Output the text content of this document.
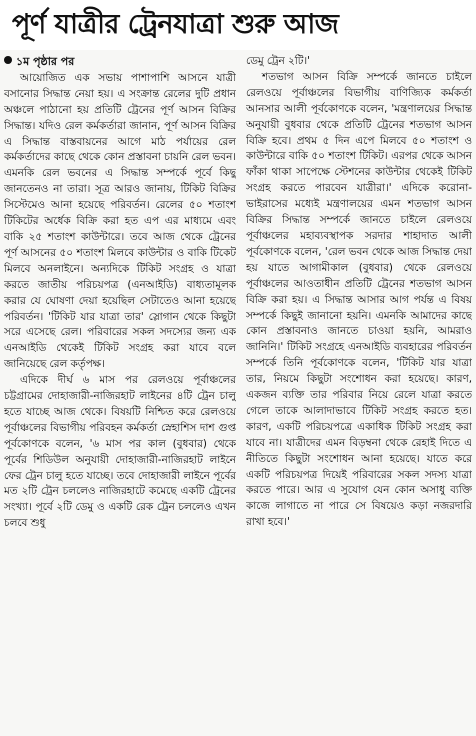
পূর্ণ যাত্রীর ট্রেনযাত্রা শুরু আজ
১ম পৃষ্ঠার পর

আয়োজিত এক সভায় পাশাপাশি আসনে যাত্রী বসানোর সিদ্ধান্ত নেয়া হয়। এ সংক্রান্ত রেলের দুটি প্রধান অঞ্চলে পাঠানো হয় প্রতিটি ট্রেনের পূর্ণ আসন বিক্রির সিদ্ধান্ত। যদিও রেল কর্মকর্তারা জানান, পূর্ণ আসন বিক্রির এ সিদ্ধান্ত বাস্তবায়নের আগে মাঠ পর্যায়ের রেল কর্মকর্তাদের কাছে থেকে কোন প্রস্তাবনা চায়নি রেল ভবন। এমনকি রেল ভবনের এ সিদ্ধান্ত সম্পর্কে পূর্বে কিছু জানতেনও না তারা। সূত্র আরও জানায়, টিকিট বিক্রির সিস্টেমেও আনা হয়েছে পরিবর্তন। রেলের ৫০ শতাংশ টিকিটের অর্ধেক বিক্রি করা হত এপ এর মাধ্যমে এবং বাকি ২৫ শতাংশ কাউন্টারে। তবে আজ থেকে ট্রেনের পূর্ণ আসনের ৫০ শতাংশ মিলবে কাউন্টার ও বাকি টিকেট মিলবে অনলাইনে। অন্যদিকে টিকিট সংগ্রহ ও যাত্রা করতে জাতীয় পরিচয়পত্র (এনআইডি) বাধ্যতামূলক করার যে ঘোষণা দেয়া হয়েছিল সেটাতেও আনা হয়েছে পরিবর্তন। 'টিকিট যার যাত্রা তার' স্লোগান থেকে কিছুটা সরে এসেছে রেল। পরিবারের সকল সদস্যের জন্য এক এনআইডি থেকেই টিকিট সংগ্রহ করা যাবে বলে জানিয়েছে রেল কর্তৃপক্ষ।

এদিকে দীর্ঘ ৬ মাস পর রেলওয়ে পূর্বাঞ্চলের চট্টগ্রামের দোহাজারী-নাজিরহাট লাইনের ৪টি ট্রেন চালু হতে যাচ্ছে আজ থেকে। বিষয়টি নিশ্চিত করে রেলওয়ে পূর্বাঞ্চলের বিভাগীয় পরিবহন কর্মকর্তা স্নেহাশিস দাশ গুপ্ত পূর্বকোণকে বলেন, '৬ মাস পর কাল (বুধবার) থেকে পূর্বের শিডিউল অনুযায়ী দোহাজারী-নাজিরহাট লাইনে ফের ট্রেন চালু হতে যাচ্ছে। তবে দোহাজারী লাইনে পূর্বের মত ২টি ট্রেন চললেও নাজিরহাটে কমেছে একটি ট্রেনের সংখ্যা। পূর্বে ২টি ডেমু ও একটি রেক ট্রেন চললেও এখন চলবে শুধু

ডেমু ট্রেন ২টি।'

শতভাগ আসন বিক্রি সম্পর্কে জানতে চাইলে রেলওয়ে পূর্বাঞ্চলের বিভাগীয় বাণিজ্যিক কর্মকর্তা আনসার আলী পূর্বকোণকে বলেন, 'মন্ত্রণালয়ের সিদ্ধান্ত অনুযায়ী বুধবার থেকে প্রতিটি ট্রেনের শতভাগ আসন বিক্রি হবে। প্রথম ৫ দিন এপে মিলবে ৫০ শতাংশ ও কাউন্টারে বাকি ৫০ শতাংশ টিকিট। এরপর থেকে আসন ফাঁকা থাকা সাপেক্ষে স্টেশনের কাউন্টার থেকেই টিকিট সংগ্রহ করতে পারবেন যাত্রীরা।' এদিকে করোনা-ভাইরাসের মধ্যেই মন্ত্রণালয়ের এমন শতভাগ আসন বিক্রির সিদ্ধান্ত সম্পর্কে জানতে চাইলে রেলওয়ে পূর্বাঞ্চলের মহাব্যবস্থাপক সরদার শাহাদাত আলী পূর্বকোণকে বলেন, 'রেল ভবন থেকে আজ সিদ্ধান্ত দেয়া হয় যাতে আগামীকাল (বুধবার) থেকে রেলওয়ে পূর্বাঞ্চলের আওতাধীন প্রতিটি ট্রেনের শতভাগ আসন বিক্রি করা হয়। এ সিদ্ধান্ত আসার আগ পর্যন্ত এ বিষয় সম্পর্কে কিছুই জানানো হয়নি। এমনকি আমাদের কাছে কোন প্রস্তাবনাও জানতে চাওয়া হয়নি, আমরাও জানিনি।' টিকিট সংগ্রহে এনআইডি ব্যবহারের পরিবর্তন সম্পর্কে তিনি পূর্বকোণকে বলেন, 'টিকিট যার যাত্রা তার, নিয়মে কিছুটা সংশোধন করা হয়েছে। কারণ, একজন ব্যক্তি তার পরিবার নিয়ে রেলে যাত্রা করতে গেলে তাকে আলাদাভাবে টিকিট সংগ্রহ করতে হত। কারণ, একটি পরিচয়পত্রে একাধিক টিকিট সংগ্রহ করা যাবে না। যাত্রীদের এমন বিড়ম্বনা থেকে রেহাই দিতে এ নীতিতে কিছুটা সংশোধন আনা হয়েছে। যাতে করে একটি পরিচয়পত্র দিয়েই পরিবারের সকল সদস্য যাত্রা করতে পারে। আর এ সুযোগ যেন কোন অসাধু ব্যক্তি কাজে লাগাতে না পারে সে বিষয়েও কড়া নজরদারি রাখা হবে।'
